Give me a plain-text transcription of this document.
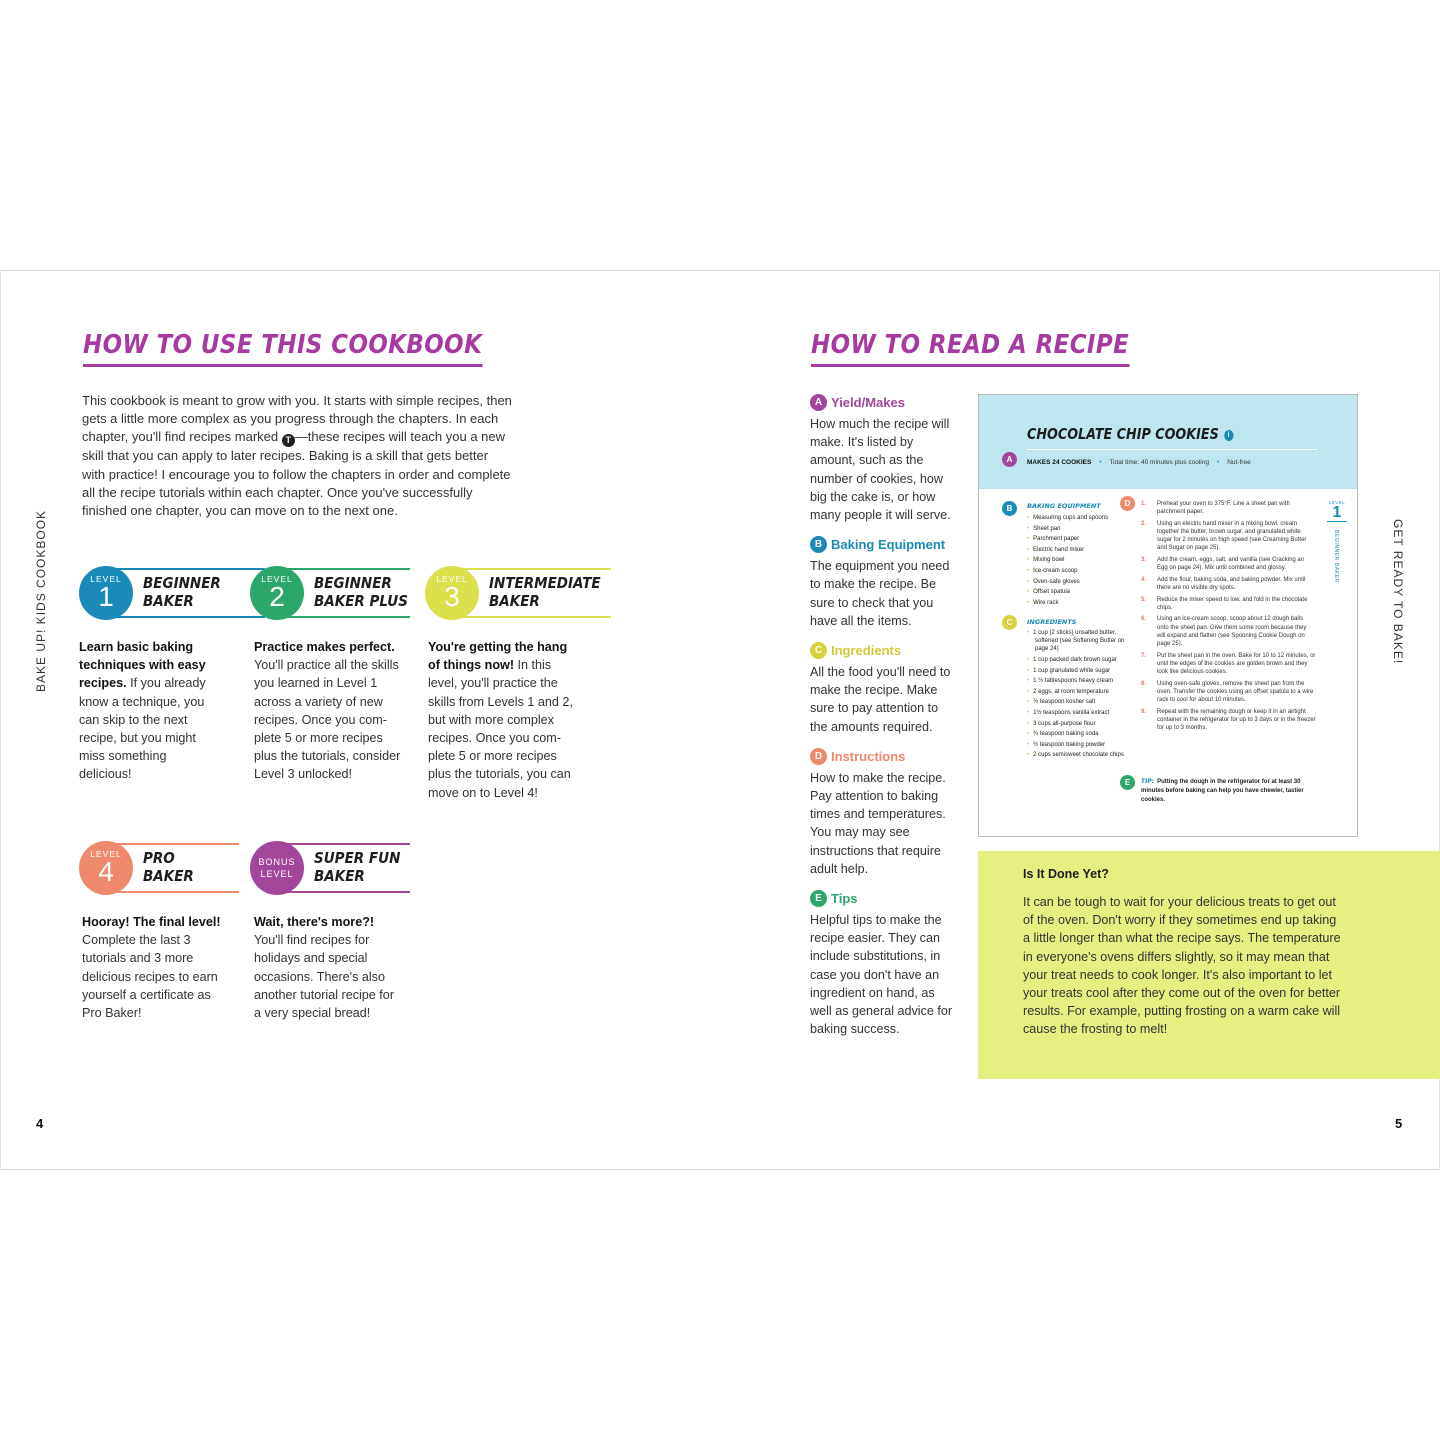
HOW TO USE THIS COOKBOOK
This cookbook is meant to grow with you. It starts with simple recipes, then gets a little more complex as you progress through the chapters. In each chapter, you'll find recipes marked T —these recipes will teach you a new skill that you can apply to later recipes. Baking is a skill that gets better with practice! I encourage you to follow the chapters in order and complete all the recipe tutorials within each chapter. Once you've successfully finished one chapter, you can move on to the next one.
BAKE UP! KIDS COOKBOOK
4
LEVEL
1	BEGINNER
BAKER
Learn basic baking techniques with easy recipes. If you already know a technique, you can skip to the next recipe, but you might miss something delicious!
LEVEL
2	BEGINNER
BAKER PLUS
Practice makes perfect. You'll practice all the skills you learned in Level 1 across a variety of new recipes. Once you complete 5 or more recipes plus the tutorials, consider Level 3 unlocked!
LEVEL
3	INTERMEDIATE
BAKER
You're getting the hang of things now! In this level, you'll practice the skills from Levels 1 and 2, but with more complex recipes. Once you complete 5 or more recipes plus the tutorials, you can move on to Level 4!
LEVEL
4	PRO
BAKER
Hooray! The final level! Complete the last 3 tutorials and 3 more delicious recipes to earn yourself a certificate as Pro Baker!
BONUS
LEVEL
SUPER FUN
BAKER
Wait, there's more?! You'll find recipes for holidays and special occasions. There's also another tutorial recipe for a very special bread!
HOW TO READ A RECIPE
A Yield/Makes
How much the recipe will make. It's listed by amount, such as the number of cookies, how big the cake is, or how many people it will serve.
B Baking Equipment
The equipment you need to make the recipe. Be sure to check that you have all the items.
C Ingredients
All the food you'll need to make the recipe. Make sure to pay attention to the amounts required.
D Instructions
How to make the recipe. Pay attention to baking times and temperatures. You may may see instructions that require adult help.
E Tips
Helpful tips to make the recipe easier. They can include substitutions, in case you don't have an ingredient on hand, as well as general advice for baking success.
CHOCOLATE CHIP COOKIES i
A	MAKES 24 COOKIES • Total time: 40 minutes plus cooling • Nut-free
B	BAKING EQUIPMENT
• Measuring cups and spoons
• Sheet pan
• Parchment paper
• Electric hand mixer
• Mixing bowl
• Ice-cream scoop
• Oven-safe gloves
• Offset spatula
• Wire rack
C	INGREDIENTS
• 1 cup (2 sticks) unsalted butter, softened (see Softening Butter on page 24)
• 1 cup packed dark brown sugar
• 1 cup granulated white sugar
• 1 ½ tablespoons heavy cream
• 2 eggs, at room temperature
• ½ teaspoon kosher salt
• 1½ teaspoons vanilla extract
• 3 cups all-purpose flour
• ¾ teaspoon baking soda
• ½ teaspoon baking powder
• 2 cups semisweet chocolate chips
D	1. Preheat your oven to 375°F. Line a sheet pan with parchment paper.
2. Using an electric hand mixer in a mixing bowl, cream together the butter, brown sugar, and granulated white sugar for 2 minutes on high speed (see Creaming Butter and Sugar on page 25).
3. Add the cream, eggs, salt, and vanilla (see Cracking an Egg on page 24). Mix until combined and glossy.
4. Add the flour, baking soda, and baking powder. Mix until there are no visible dry spots.
5. Reduce the mixer speed to low, and fold in the chocolate chips.
6. Using an ice-cream scoop, scoop about 12 dough balls onto the sheet pan. Give them some room because they will expand and flatten (see Spooning Cookie Dough on page 25).
7. Put the sheet pan in the oven. Bake for 10 to 12 minutes, or until the edges of the cookies are golden brown and they look like delicious cookies.
8. Using oven-safe gloves, remove the sheet pan from the oven. Transfer the cookies using an offset spatula to a wire rack to cool for about 10 minutes.
9. Repeat with the remaining dough or keep it in an airtight container in the refrigerator for up to 3 days or in the freezer for up to 3 months.
LEVEL
1
BEGINNER BAKER
E	TIP: Putting the dough in the refrigerator for at least 30 minutes before baking can help you have chewier, tastier cookies.
Is It Done Yet?
It can be tough to wait for your delicious treats to get out of the oven. Don't worry if they sometimes end up taking a little longer than what the recipe says. The temperature in everyone's ovens differs slightly, so it may mean that your treat needs to cook longer. It's also important to let your treats cool after they come out of the oven for better results. For example, putting frosting on a warm cake will cause the frosting to melt!
GET READY TO BAKE!
5
